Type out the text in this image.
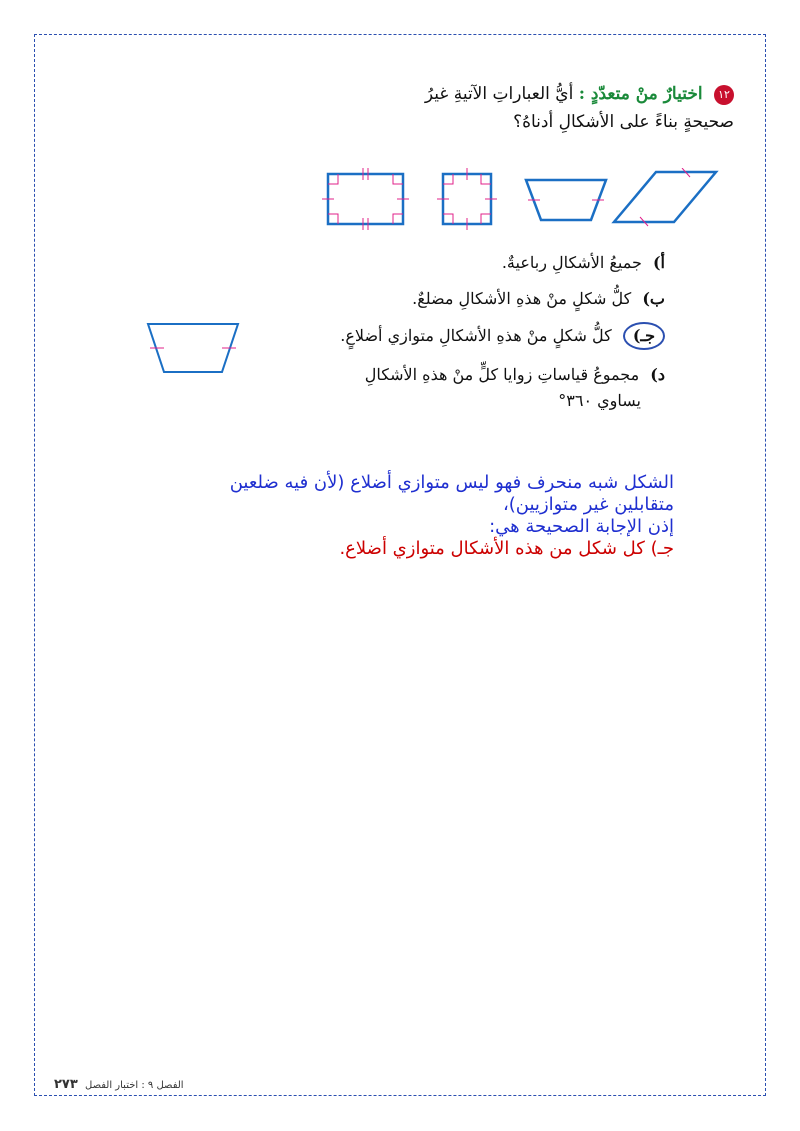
١٢ اختيارٌ منْ متعدّدٍ : أيُّ العباراتِ الآتيةِ غيرُ
صحيحةٍ بناءً على الأشكالِ أدناهُ؟
أ) جميعُ الأشكالِ رباعيةٌ.
ب) كلُّ شكلٍ منْ هذهِ الأشكالِ مضلعٌ.
جـ) كلُّ شكلٍ منْ هذهِ الأشكالِ متوازي أضلاعٍ.
د) مجموعُ قياساتِ زوايا كلٍّ منْ هذهِ الأشكالِ
يساوي ٣٦٠°
الشكل شبه منحرف فهو ليس متوازي أضلاع (لأن فيه ضلعين
متقابلين غير متوازيين)،
إذن الإجابة الصحيحة هي:
جـ) كل شكل من هذه الأشكال متوازي أضلاع.
الفصل ٩ : اختبار الفصل ٢٧٣
